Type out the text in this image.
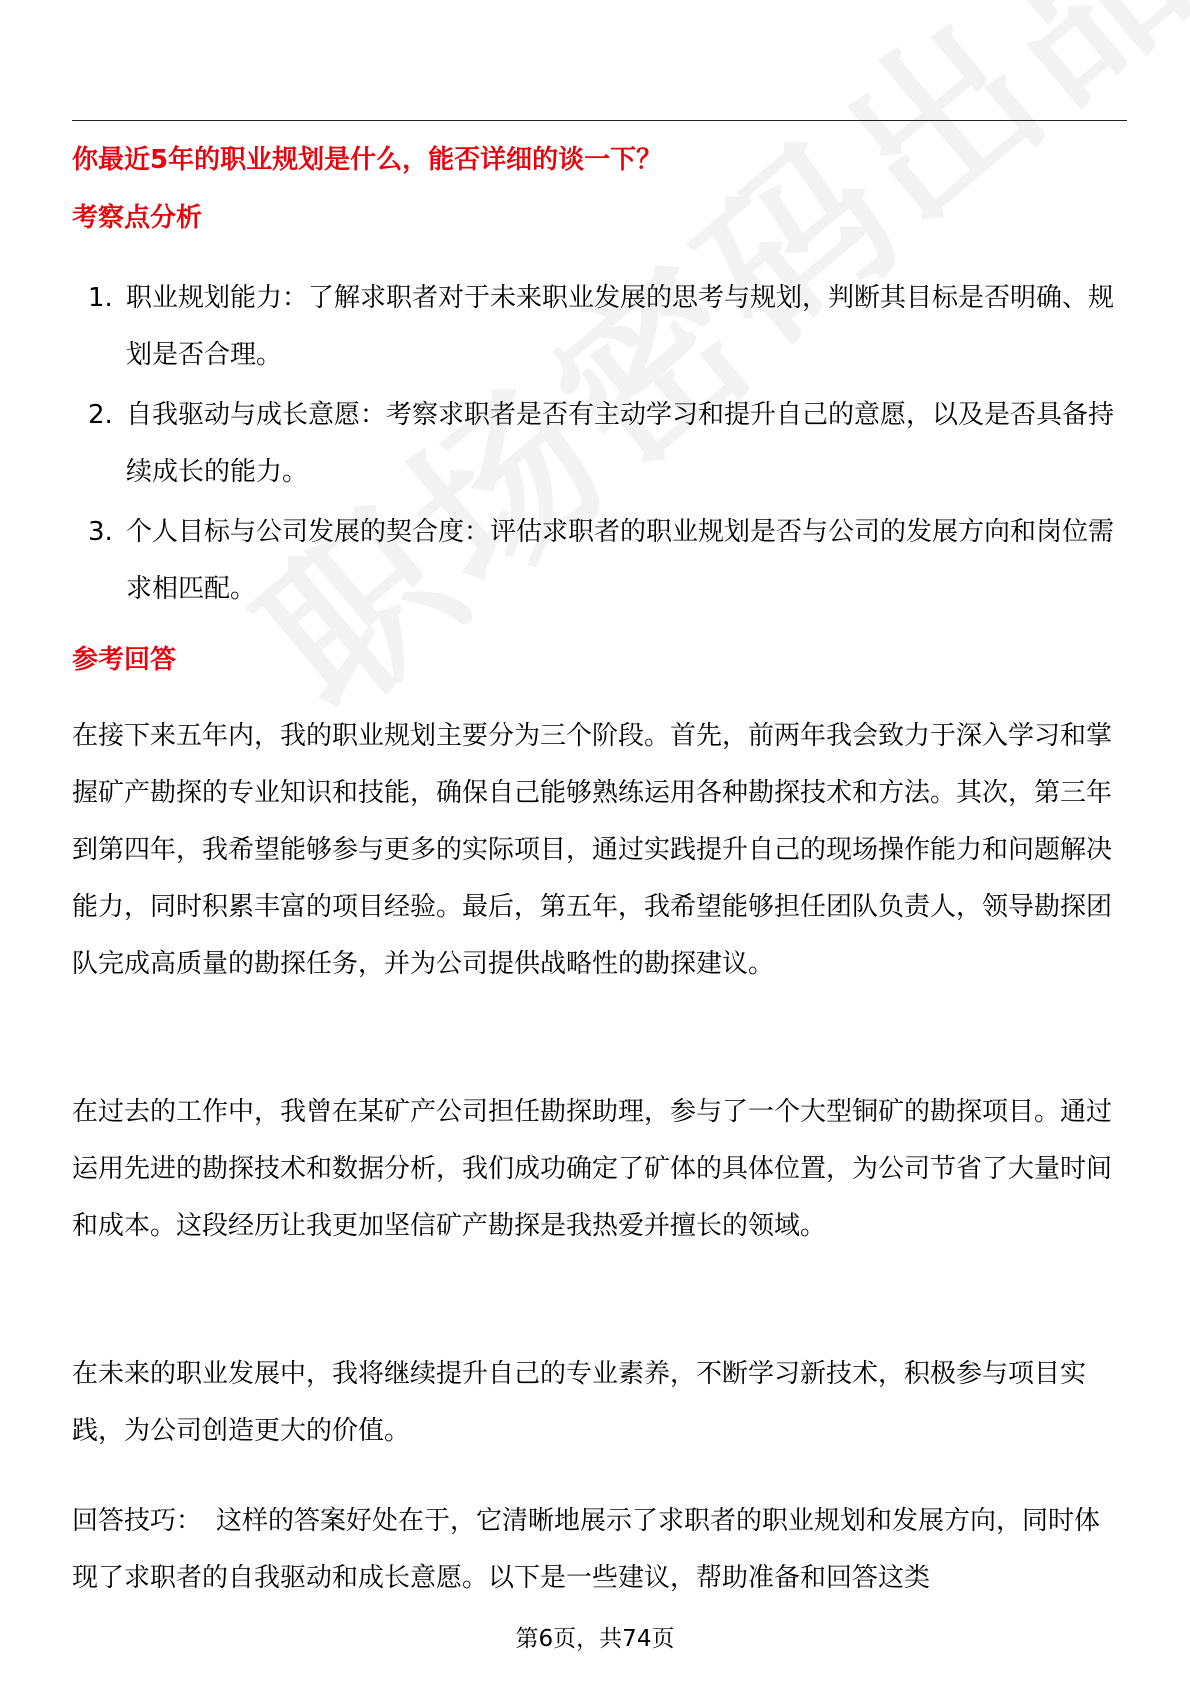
你最近5年的职业规划是什么，能否详细的谈一下？
考察点分析
1. 职业规划能力：了解求职者对于未来职业发展的思考与规划，判断其目标是否明确、规划是否合理。
2. 自我驱动与成长意愿：考察求职者是否有主动学习和提升自己的意愿，以及是否具备持续成长的能力。
3. 个人目标与公司发展的契合度：评估求职者的职业规划是否与公司的发展方向和岗位需求相匹配。
参考回答

在接下来五年内，我的职业规划主要分为三个阶段。首先，前两年我会致力于深入学习和掌握矿产勘探的专业知识和技能，确保自己能够熟练运用各种勘探技术和方法。其次，第三年到第四年，我希望能够参与更多的实际项目，通过实践提升自己的现场操作能力和问题解决能力，同时积累丰富的项目经验。最后，第五年，我希望能够担任团队负责人，领导勘探团队完成高质量的勘探任务，并为公司提供战略性的勘探建议。

在过去的工作中，我曾在某矿产公司担任勘探助理，参与了一个大型铜矿的勘探项目。通过运用先进的勘探技术和数据分析，我们成功确定了矿体的具体位置，为公司节省了大量时间和成本。这段经历让我更加坚信矿产勘探是我热爱并擅长的领域。

在未来的职业发展中，我将继续提升自己的专业素养，不断学习新技术，积极参与项目实践，为公司创造更大的价值。

回答技巧： 这样的答案好处在于，它清晰地展示了求职者的职业规划和发展方向，同时体现了求职者的自我驱动和成长意愿。以下是一些建议，帮助准备和回答这类

第6页，共74页
